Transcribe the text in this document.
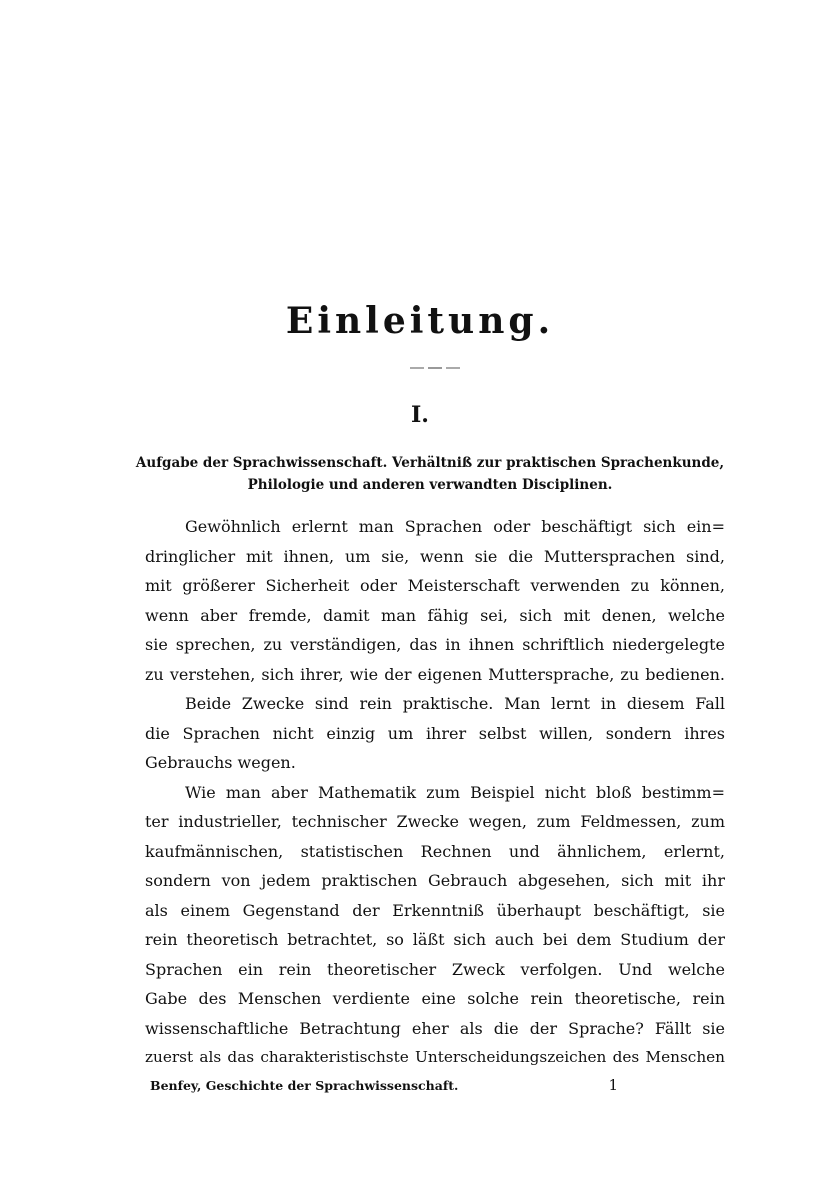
Einleitung.
I.
Aufgabe der Sprachwissenschaft. Verhältniß zur praktischen Sprachenkunde,
Philologie und anderen verwandten Disciplinen.
Gewöhnlich erlernt man Sprachen oder beschäftigt sich ein=
dringlicher mit ihnen, um sie, wenn sie die Muttersprachen sind,
mit größerer Sicherheit oder Meisterschaft verwenden zu können,
wenn aber fremde, damit man fähig sei, sich mit denen, welche
sie sprechen, zu verständigen, das in ihnen schriftlich niedergelegte
zu verstehen, sich ihrer, wie der eigenen Muttersprache, zu bedienen.
Beide Zwecke sind rein praktische. Man lernt in diesem Fall
die Sprachen nicht einzig um ihrer selbst willen, sondern ihres
Gebrauchs wegen.
Wie man aber Mathematik zum Beispiel nicht bloß bestimm=
ter industrieller, technischer Zwecke wegen, zum Feldmessen, zum
kaufmännischen, statistischen Rechnen und ähnlichem, erlernt,
sondern von jedem praktischen Gebrauch abgesehen, sich mit ihr
als einem Gegenstand der Erkenntniß überhaupt beschäftigt, sie
rein theoretisch betrachtet, so läßt sich auch bei dem Studium der
Sprachen ein rein theoretischer Zweck verfolgen. Und welche
Gabe des Menschen verdiente eine solche rein theoretische, rein
wissenschaftliche Betrachtung eher als die der Sprache? Fällt sie
zuerst als das charakteristischste Unterscheidungszeichen des Menschen
Benfey, Geschichte der Sprachwissenschaft.	1
